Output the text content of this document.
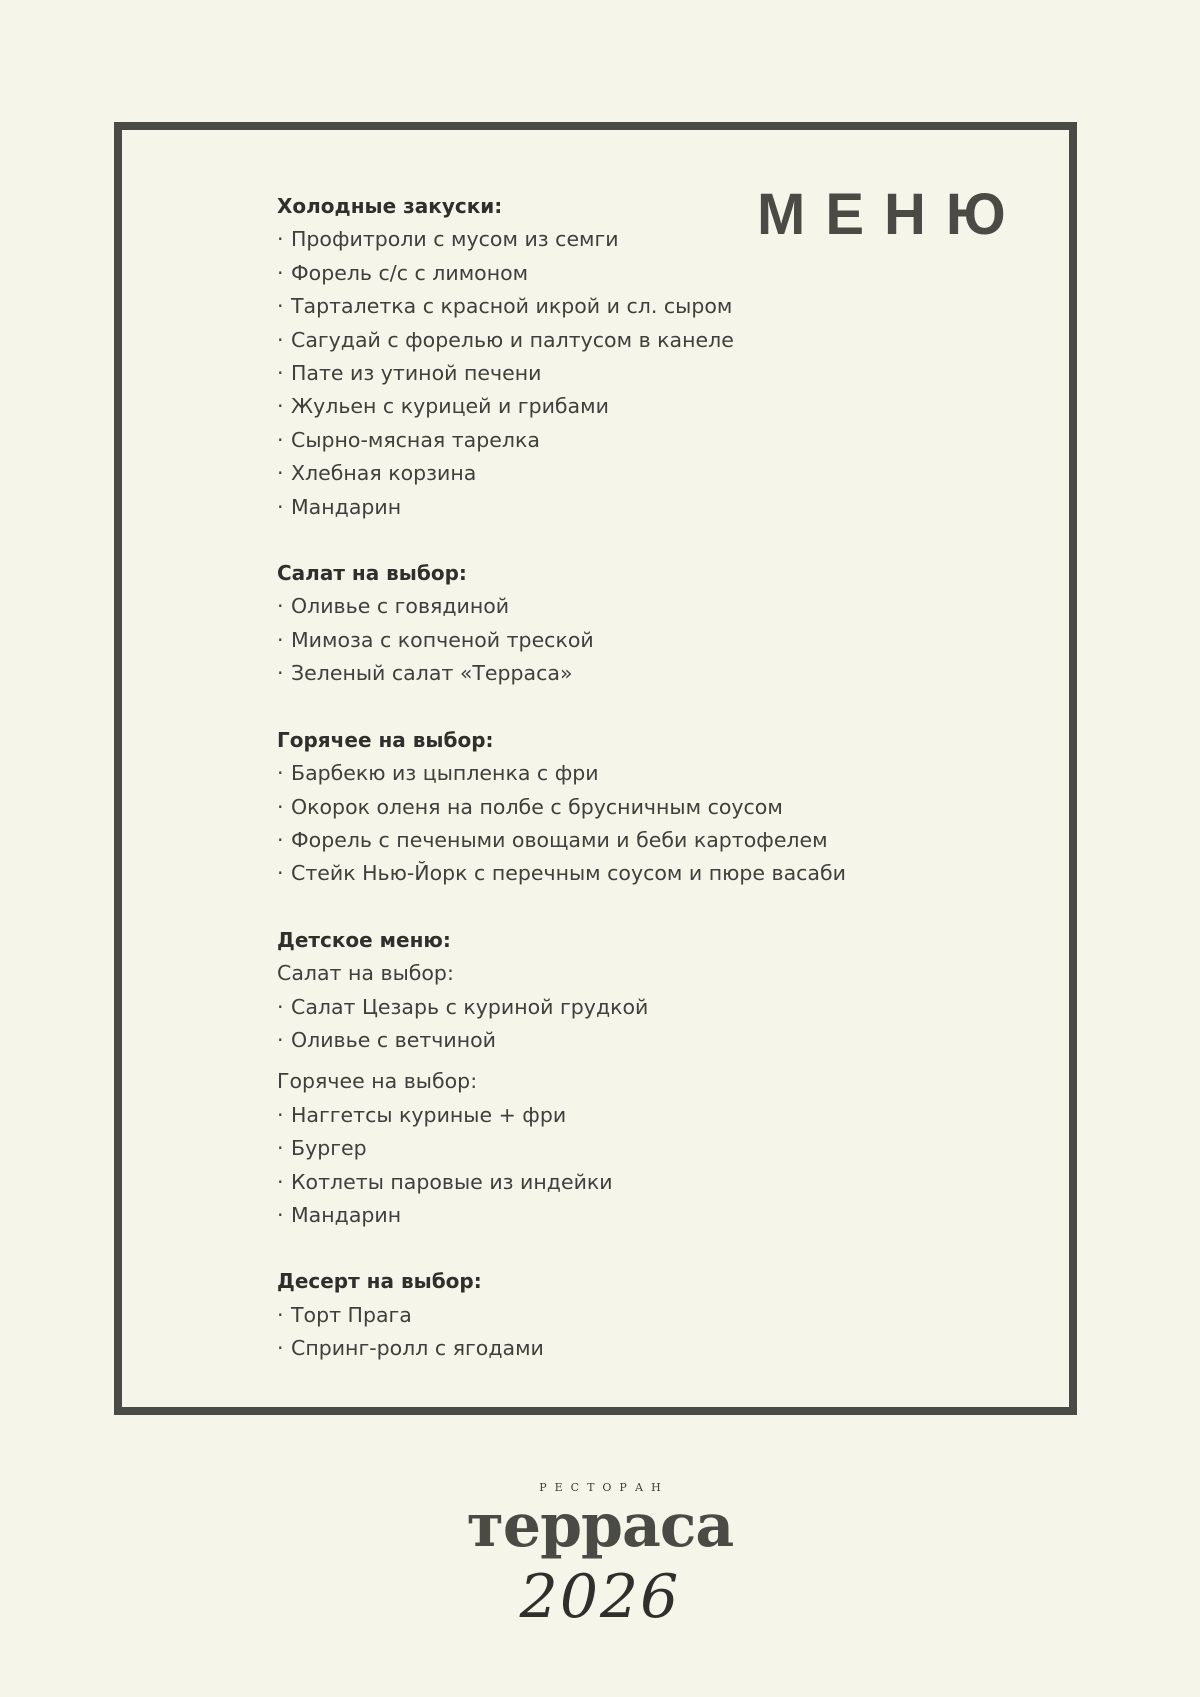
МЕНЮ

Холодные закуски:

· Профитроли с мусом из семги
· Форель с/с с лимоном
· Тарталетка с красной икрой и сл. сыром
· Сагудай с форелью и палтусом в канеле
· Пате из утиной печени
· Жульен с курицей и грибами
· Сырно-мясная тарелка
· Хлебная корзина
· Мандарин

Салат на выбор:

· Оливье с говядиной
· Мимоза с копченой треской
· Зеленый салат «Терраса»

Горячее на выбор:

· Барбекю из цыпленка с фри
· Окорок оленя на полбе с брусничным соусом
· Форель с печеными овощами и беби картофелем
· Стейк Нью-Йорк с перечным соусом и пюре васаби

Детское меню:

Салат на выбор:

· Салат Цезарь с куриной грудкой
· Оливье с ветчиной

Горячее на выбор:

· Наггетсы куриные + фри
· Бургер
· Котлеты паровые из индейки
· Мандарин

Десерт на выбор:

· Торт Прага
· Спринг-ролл с ягодами

РЕСТОРАН

терраса

2026
